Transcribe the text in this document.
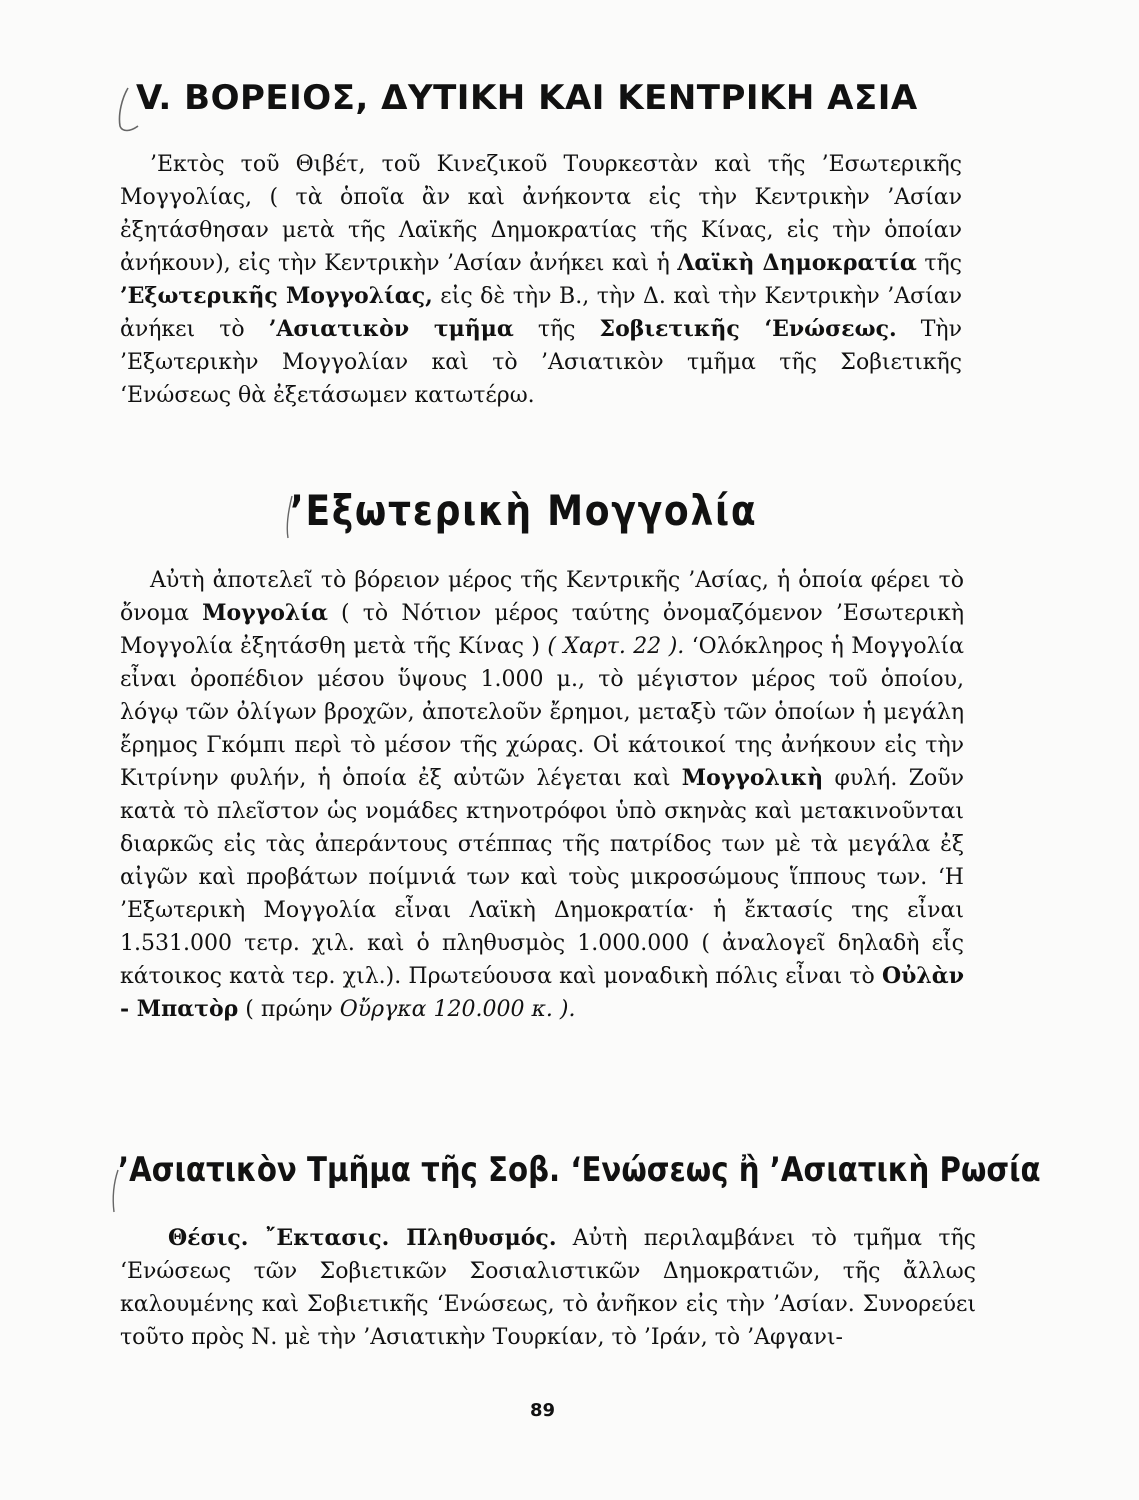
V. ΒΟΡΕΙΟΣ, ΔΥΤΙΚΗ ΚΑΙ ΚΕΝΤΡΙΚΗ ΑΣΙΑ
’Εκτὸς τοῦ Θιβέτ, τοῦ Κινεζικοῦ Τουρκεστὰν καὶ τῆς ’Εσωτερικῆς Μογγολίας, ( τὰ ὁποῖα ἂν καὶ ἀνήκοντα εἰς τὴν Κεντρικὴν ’Ασίαν ἐξητάσθησαν μετὰ τῆς Λαϊκῆς Δημοκρατίας τῆς Κίνας, εἰς τὴν ὁποίαν ἀνήκουν), εἰς τὴν Κεντρικὴν ’Ασίαν ἀνήκει καὶ ἡ Λαϊκὴ Δημοκρατία τῆς ’Εξωτερικῆς Μογγολίας, εἰς δὲ τὴν Β., τὴν Δ. καὶ τὴν Κεντρικὴν ’Ασίαν ἀνήκει τὸ ’Ασιατικὸν τμῆμα τῆς Σοβιετικῆς ‘Ενώσεως. Τὴν ’Εξωτερικὴν Μογγολίαν καὶ τὸ ’Ασιατικὸν τμῆμα τῆς Σοβιετικῆς ‘Ενώσεως θὰ ἐξετάσωμεν κατωτέρω.
’Εξωτερικὴ Μογγολία
Αὐτὴ ἀποτελεῖ τὸ βόρειον μέρος τῆς Κεντρικῆς ’Ασίας, ἡ ὁποία φέρει τὸ ὄνομα Μογγολία ( τὸ Νότιον μέρος ταύτης ὀνομαζόμενον ’Εσωτερικὴ Μογγολία ἐξητάσθη μετὰ τῆς Κίνας ) ( Χαρτ. 22 ). ‘Ολόκληρος ἡ Μογγολία εἶναι ὀροπέδιον μέσου ὕψους 1.000 μ., τὸ μέγιστον μέρος τοῦ ὁποίου, λόγῳ τῶν ὀλίγων βροχῶν, ἀποτελοῦν ἔρημοι, μεταξὺ τῶν ὁποίων ἡ μεγάλη ἔρημος Γκόμπι περὶ τὸ μέσον τῆς χώρας. Οἱ κάτοικοί της ἀνήκουν εἰς τὴν Κιτρίνην φυλήν, ἡ ὁποία ἐξ αὐτῶν λέγεται καὶ Μογγολικὴ φυλή. Ζοῦν κατὰ τὸ πλεῖστον ὡς νομάδες κτηνοτρόφοι ὑπὸ σκηνὰς καὶ μετακινοῦνται διαρκῶς εἰς τὰς ἀπεράντους στέππας τῆς πατρίδος των μὲ τὰ μεγάλα ἐξ αἰγῶν καὶ προβάτων ποίμνιά των καὶ τοὺς μικροσώμους ἵππους των. ‘Η ’Εξωτερικὴ Μογγολία εἶναι Λαϊκὴ Δημοκρατία· ἡ ἔκτασίς της εἶναι 1.531.000 τετρ. χιλ. καὶ ὁ πληθυσμὸς 1.000.000 ( ἀναλογεῖ δηλαδὴ εἷς κάτοικος κατὰ τερ. χιλ.). Πρωτεύουσα καὶ μοναδικὴ πόλις εἶναι τὸ Οὐλὰν - Μπατὸρ ( πρώην Οὔργκα 120.000 κ. ).
’Ασιατικὸν Τμῆμα τῆς Σοβ. ‘Ενώσεως ἢ ’Ασιατικὴ Ρωσία
Θέσις. ῎Εκτασις. Πληθυσμός. Αὐτὴ περιλαμβάνει τὸ τμῆμα τῆς ‘Ενώσεως τῶν Σοβιετικῶν Σοσιαλιστικῶν Δημοκρατιῶν, τῆς ἄλλως καλουμένης καὶ Σοβιετικῆς ‘Ενώσεως, τὸ ἀνῆκον εἰς τὴν ’Ασίαν. Συνορεύει τοῦτο πρὸς Ν. μὲ τὴν ’Ασιατικὴν Τουρκίαν, τὸ ’Ιράν, τὸ ’Αφγανι-
89
